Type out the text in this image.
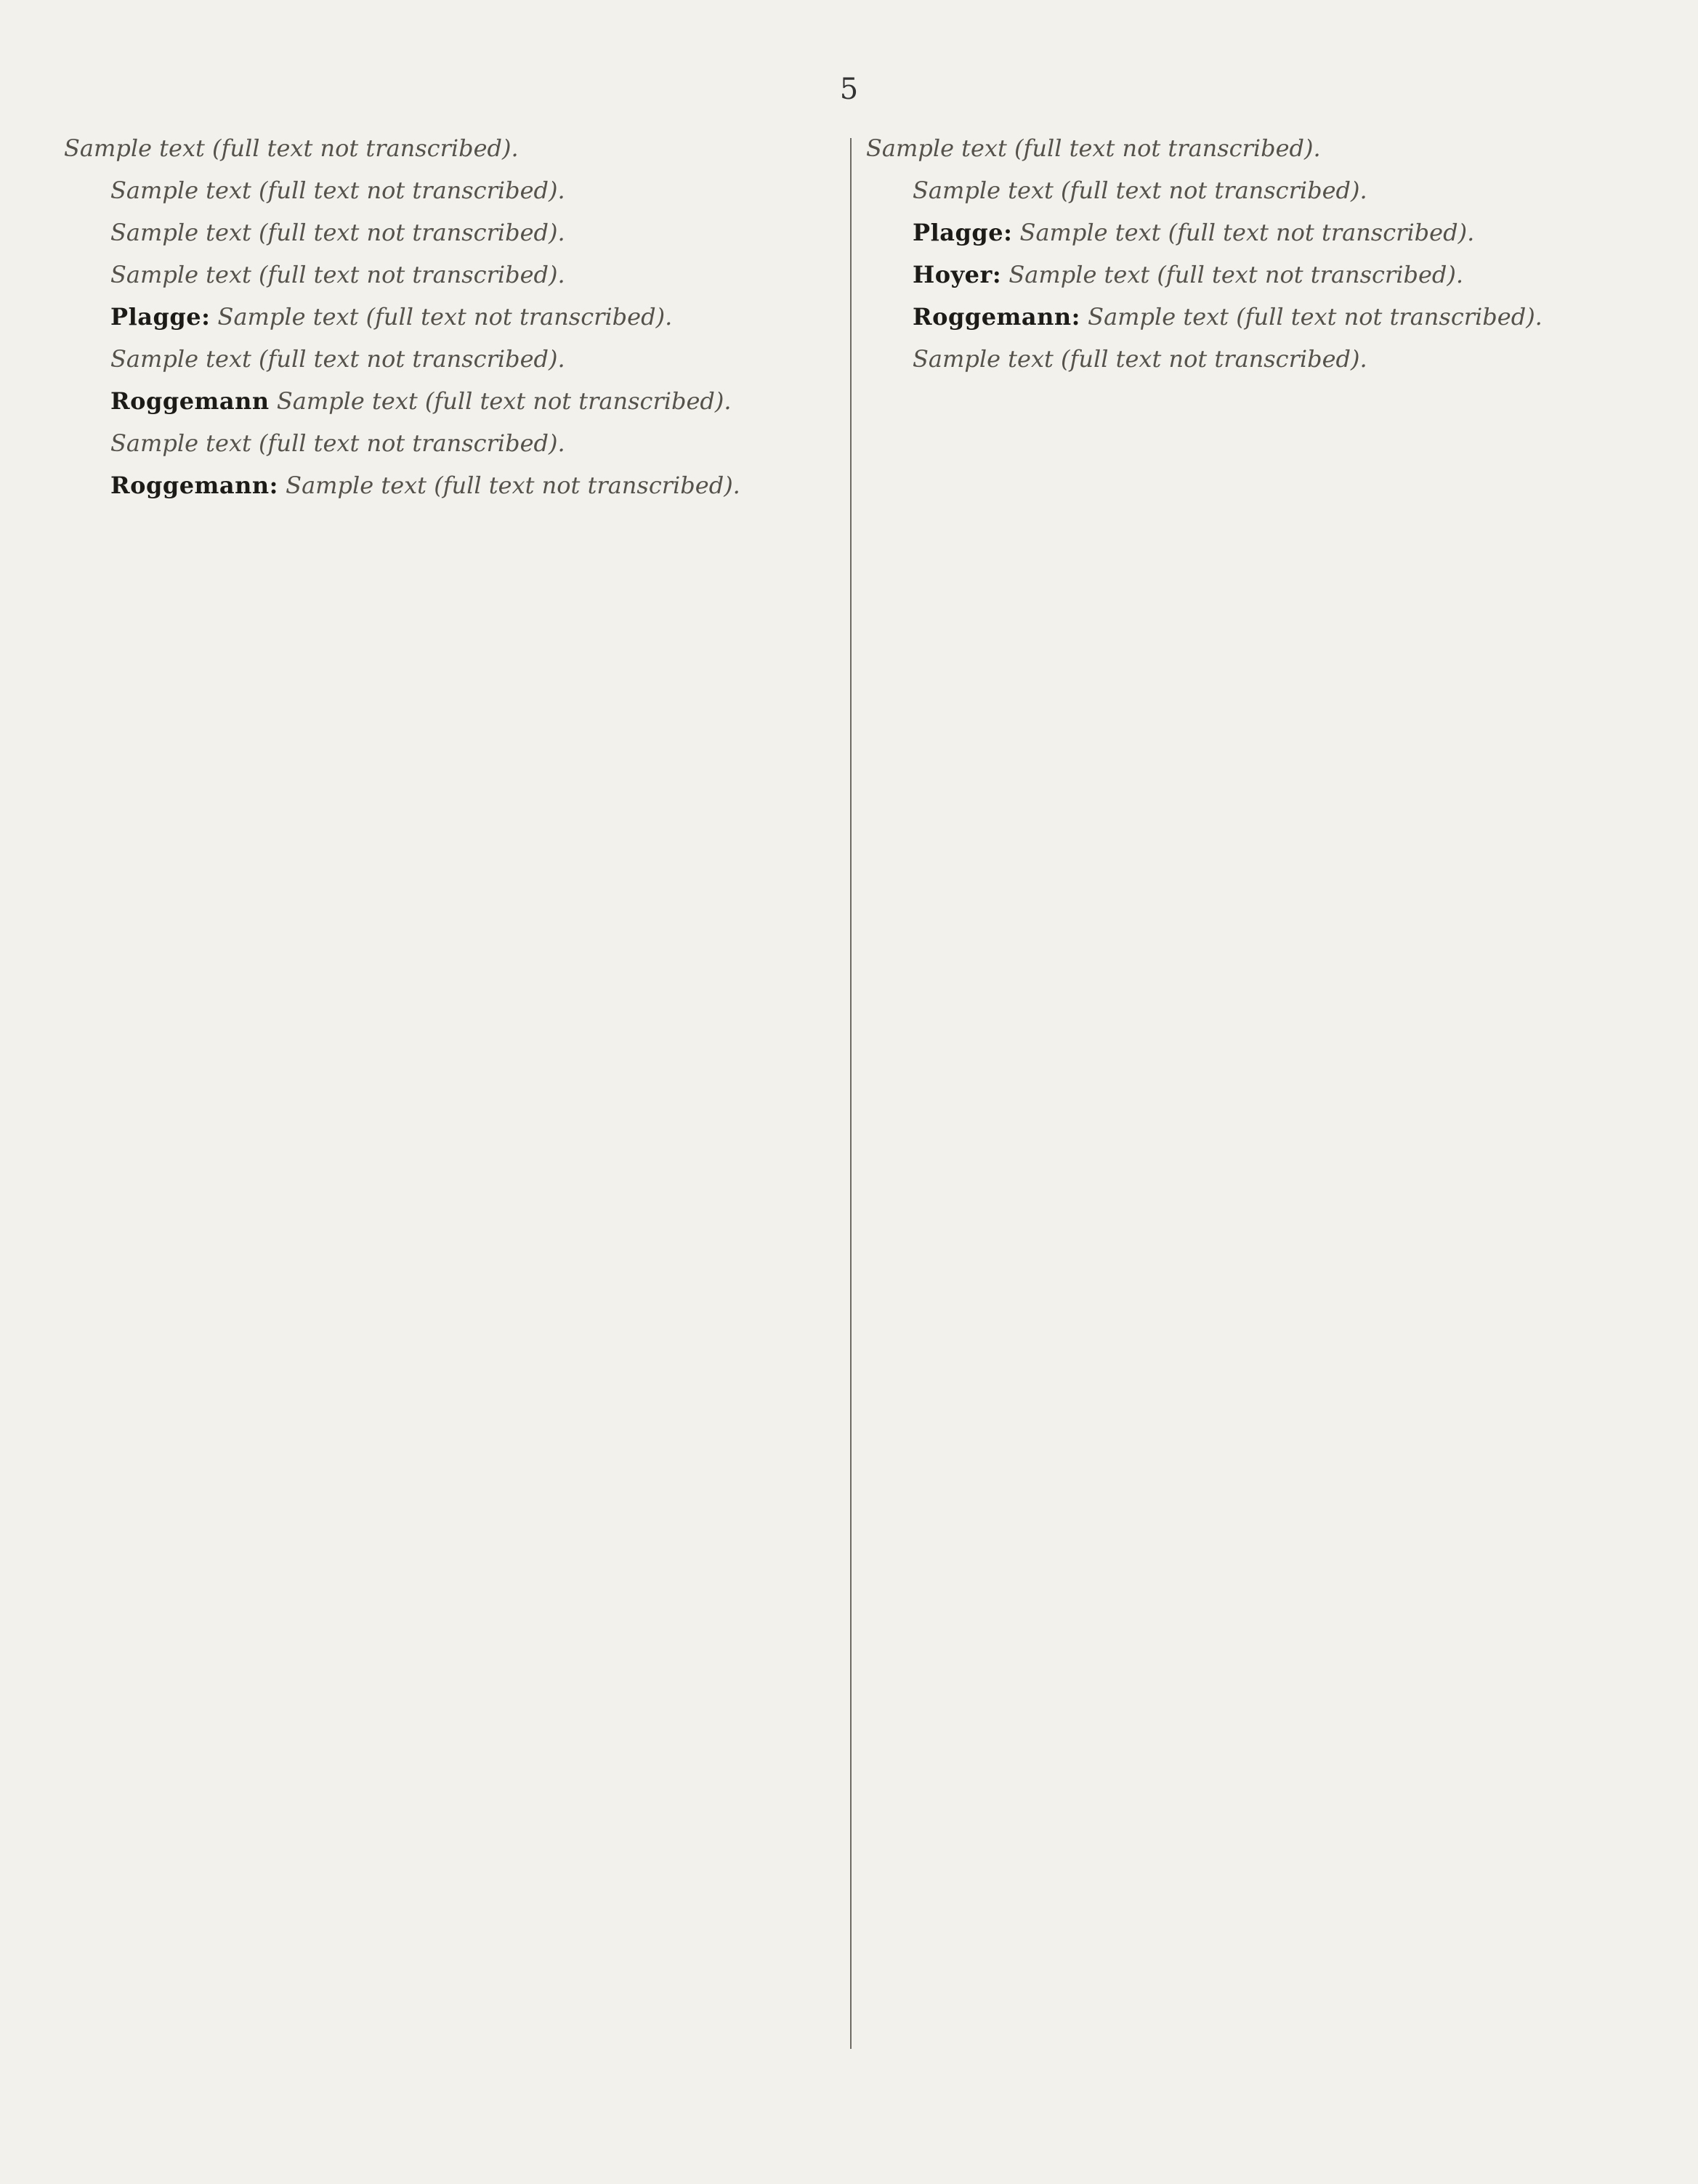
5

Sample text (full text not transcribed).

Sample text (full text not transcribed).

Sample text (full text not transcribed).

Sample text (full text not transcribed).

Plagge: Sample text (full text not transcribed).

Sample text (full text not transcribed).

Roggemann Sample text (full text not transcribed).

Sample text (full text not transcribed).

Roggemann: Sample text (full text not transcribed).

Sample text (full text not transcribed).

Sample text (full text not transcribed).

Plagge: Sample text (full text not transcribed).

Hoyer: Sample text (full text not transcribed).

Roggemann: Sample text (full text not transcribed).

Sample text (full text not transcribed).
